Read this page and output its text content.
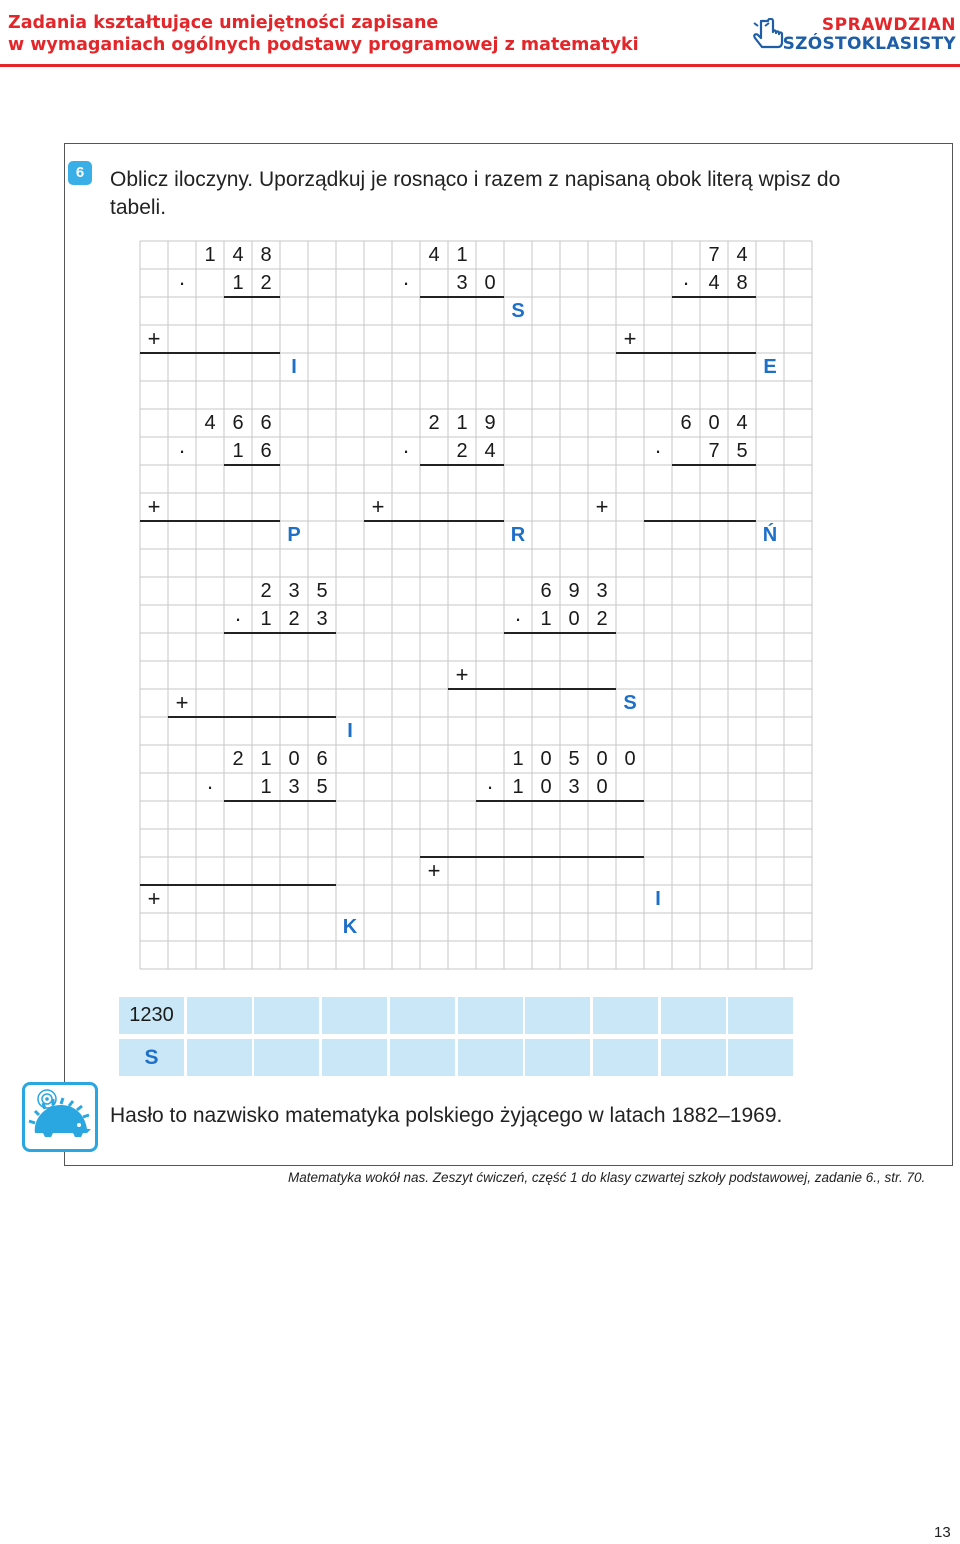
Zadania kształtujące umiejętności zapisane
w wymaganiach ogólnych podstawy programowej z matematyki
SPRAWDZIAN
SZÓSTOKLASISTY
6	Oblicz iloczyny. Uporządkuj je rosnąco i razem z napisaną obok literą wpisz do tabeli.
1 4 8
·	1 2
+
I
4 1
·	3 0
S
7 4
· 4 8
+
E
4 6 6
·	1 6
+
P
2 1 9
·	2 4
+
R
6 0 4
·	7 5
+
Ń
2 3 5
· 1 2 3
+
I
6 9 3
· 1 0 2
+
S
2 1 0 6
·	1 3 5
+
K
1 0 5 0 0
· 1 0 3 0
+
I
1230
S
Hasło to nazwisko matematyka polskiego żyjącego w latach 1882–1969.
Matematyka wokół nas. Zeszyt ćwiczeń, część 1 do klasy czwartej szkoły podstawowej, zadanie 6., str. 70.
13
